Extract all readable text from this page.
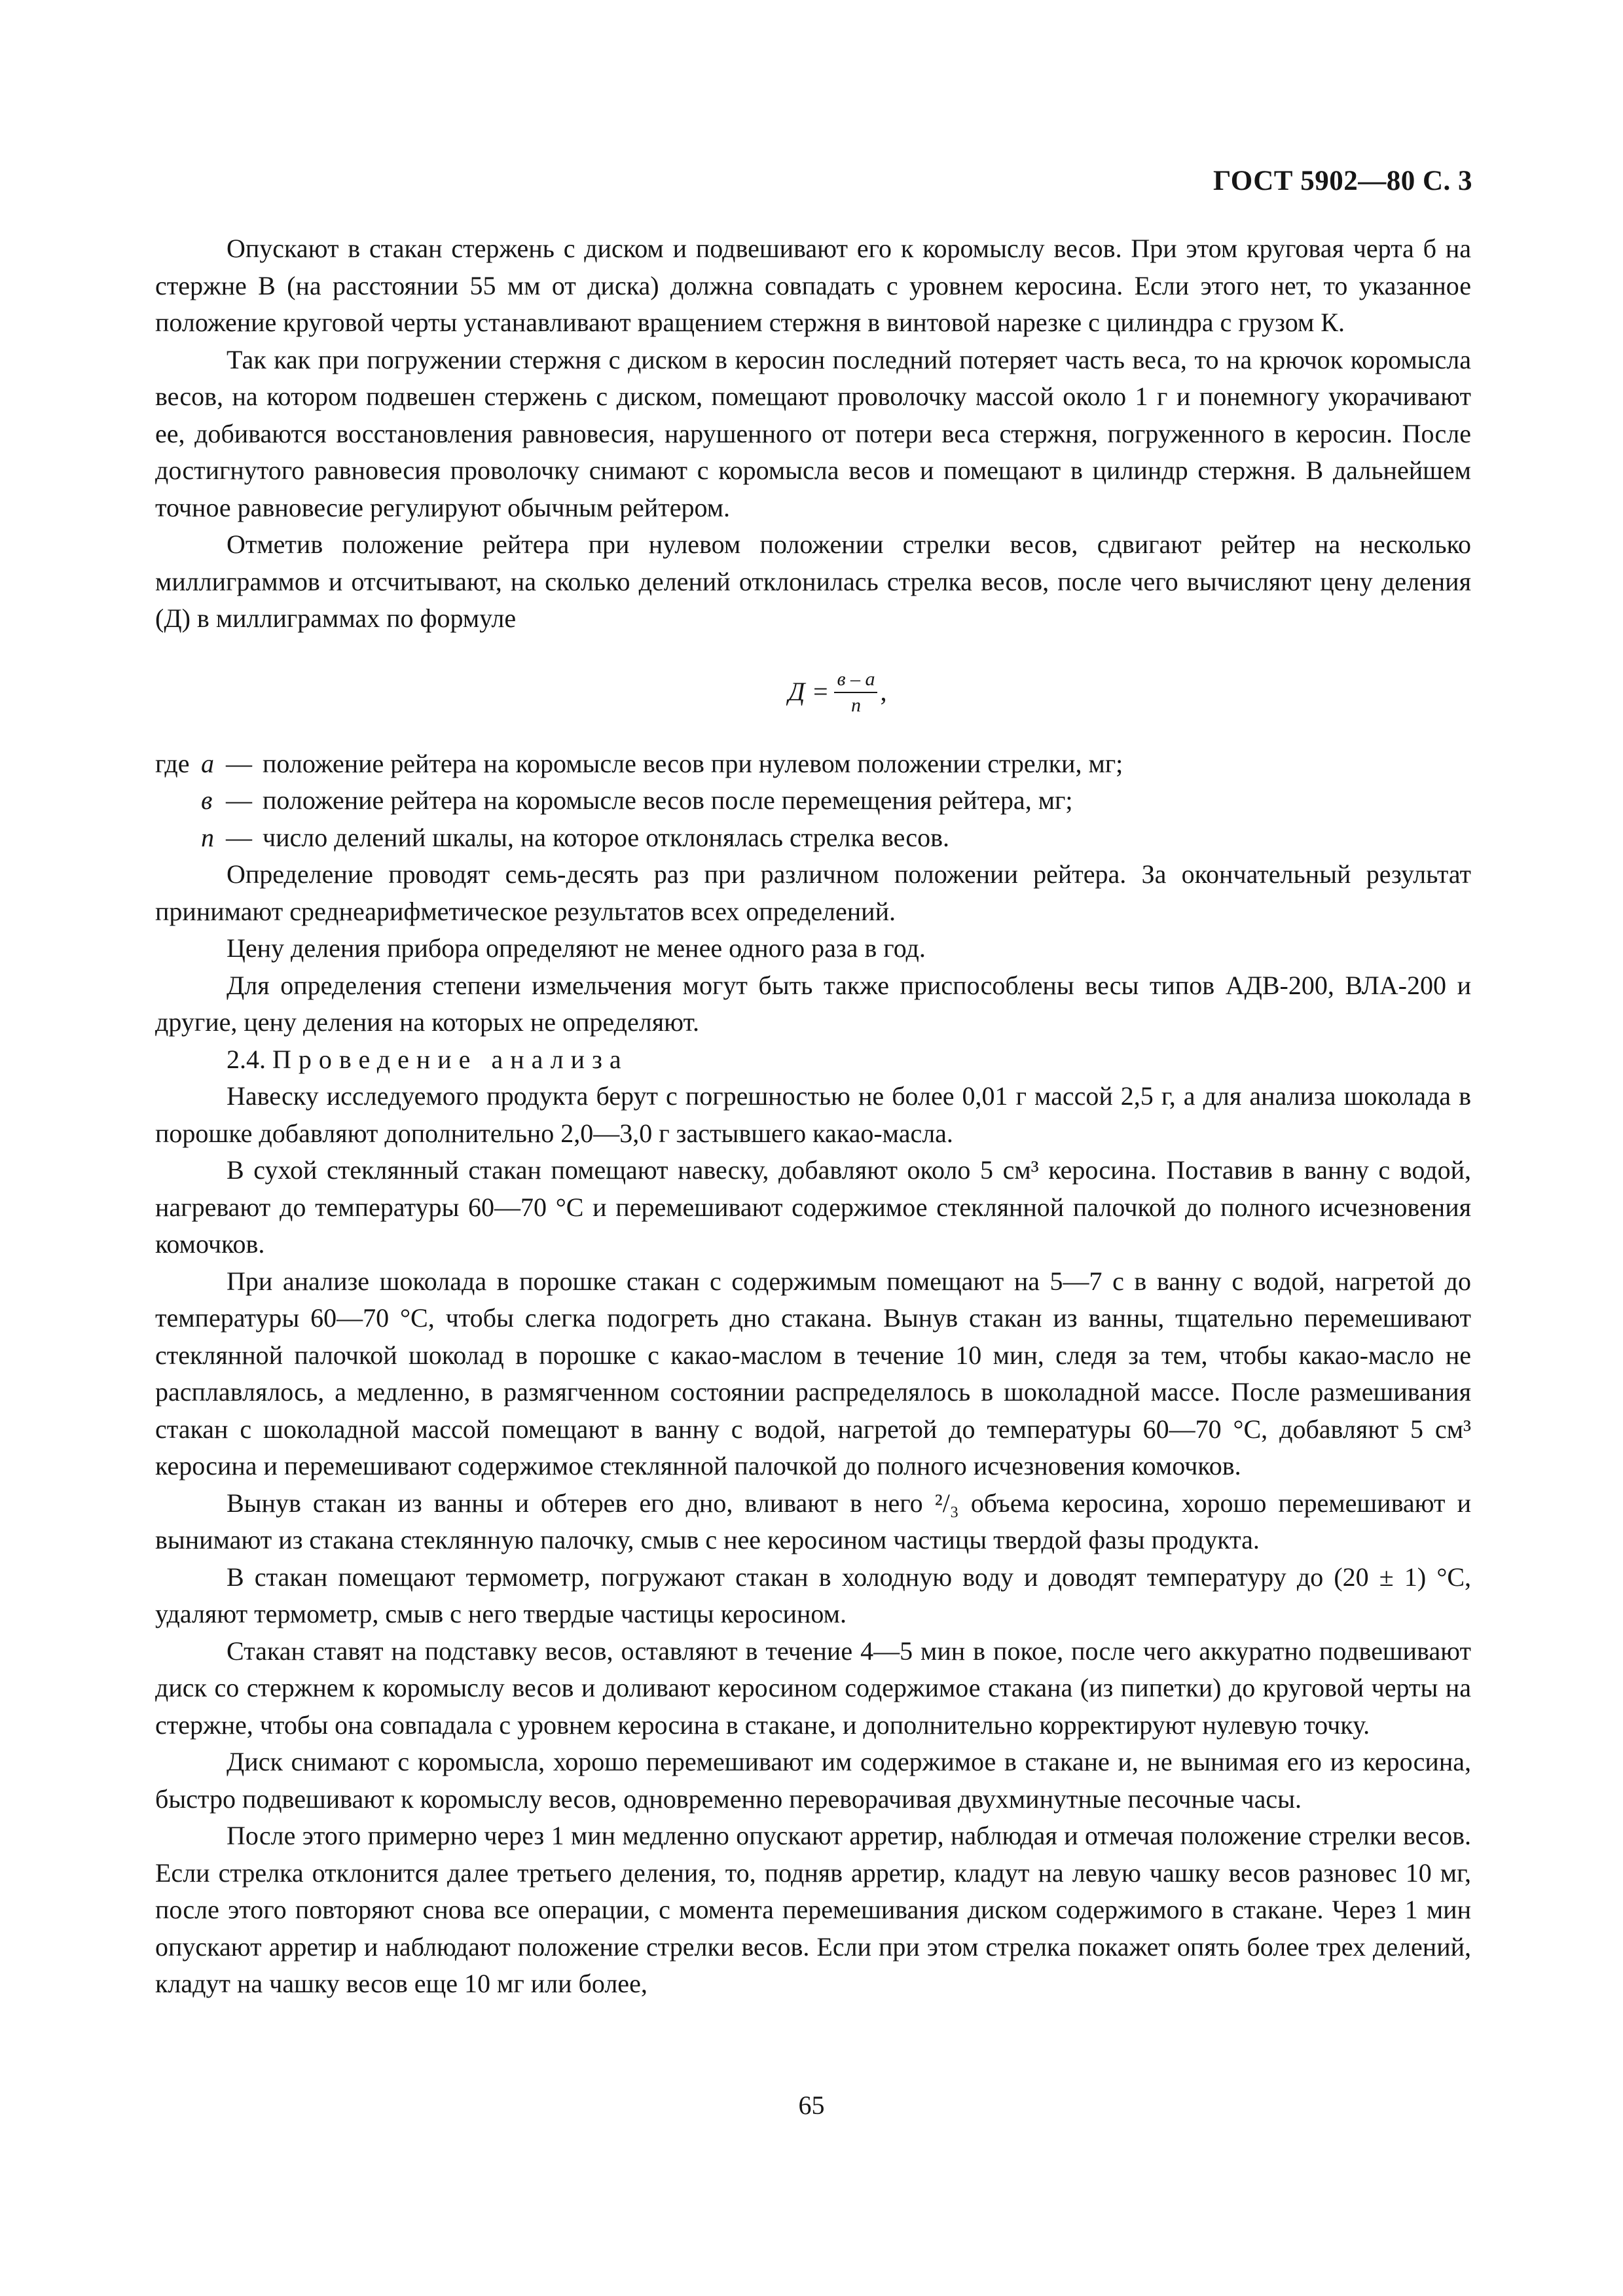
ГОСТ 5902—80 С. 3

Опускают в стакан стержень с диском и подвешивают его к коромыслу весов. При этом круговая черта б на стержне В (на расстоянии 55 мм от диска) должна совпадать с уровнем керосина. Если этого нет, то указанное положение круговой черты устанавливают вращением стержня в винтовой нарезке с цилиндра с грузом К.

Так как при погружении стержня с диском в керосин последний потеряет часть веса, то на крючок коромысла весов, на котором подвешен стержень с диском, помещают проволочку массой около 1 г и понемногу укорачивают ее, добиваются восстановления равновесия, нарушенного от потери веса стержня, погруженного в керосин. После достигнутого равновесия проволочку снимают с коромысла весов и помещают в цилиндр стержня. В дальнейшем точное равновесие регулируют обычным рейтером.

Отметив положение рейтера при нулевом положении стрелки весов, сдвигают рейтер на несколько миллиграммов и отсчитывают, на сколько делений отклонилась стрелка весов, после чего вычисляют цену деления (Д) в миллиграммах по формуле

$Д = \frac{в - а}{n}$ ,
где а — положение рейтера на коромысле весов при нулевом положении стрелки, мг;
в — положение рейтера на коромысле весов после перемещения рейтера, мг;
n — число делений шкалы, на которое отклонялась стрелка весов.

Определение проводят семь-десять раз при различном положении рейтера. За окончательный результат принимают среднеарифметическое результатов всех определений.

Цену деления прибора определяют не менее одного раза в год.

Для определения степени измельчения могут быть также приспособлены весы типов АДВ-200, ВЛА-200 и другие, цену деления на которых не определяют.

2.4. Проведение анализа

Навеску исследуемого продукта берут с погрешностью не более 0,01 г массой 2,5 г, а для анализа шоколада в порошке добавляют дополнительно 2,0—3,0 г застывшего какао-масла.

В сухой стеклянный стакан помещают навеску, добавляют около 5 см³ керосина. Поставив в ванну с водой, нагревают до температуры 60—70 °С и перемешивают содержимое стеклянной палочкой до полного исчезновения комочков.

При анализе шоколада в порошке стакан с содержимым помещают на 5—7 с в ванну с водой, нагретой до температуры 60—70 °С, чтобы слегка подогреть дно стакана. Вынув стакан из ванны, тщательно перемешивают стеклянной палочкой шоколад в порошке с какао-маслом в течение 10 мин, следя за тем, чтобы какао-масло не расплавлялось, а медленно, в размягченном состоянии распределялось в шоколадной массе. После размешивания стакан с шоколадной массой помещают в ванну с водой, нагретой до температуры 60—70 °С, добавляют 5 см³ керосина и перемешивают содержимое стеклянной палочкой до полного исчезновения комочков.

Вынув стакан из ванны и обтерев его дно, вливают в него ²/₃ объема керосина, хорошо перемешивают и вынимают из стакана стеклянную палочку, смыв с нее керосином частицы твердой фазы продукта.

В стакан помещают термометр, погружают стакан в холодную воду и доводят температуру до (20 ± 1) °С, удаляют термометр, смыв с него твердые частицы керосином.

Стакан ставят на подставку весов, оставляют в течение 4—5 мин в покое, после чего аккуратно подвешивают диск со стержнем к коромыслу весов и доливают керосином содержимое стакана (из пипетки) до круговой черты на стержне, чтобы она совпадала с уровнем керосина в стакане, и дополнительно корректируют нулевую точку.

Диск снимают с коромысла, хорошо перемешивают им содержимое в стакане и, не вынимая его из керосина, быстро подвешивают к коромыслу весов, одновременно переворачивая двухминутные песочные часы.

После этого примерно через 1 мин медленно опускают арретир, наблюдая и отмечая положение стрелки весов. Если стрелка отклонится далее третьего деления, то, подняв арретир, кладут на левую чашку весов разновес 10 мг, после этого повторяют снова все операции, с момента перемешивания диском содержимого в стакане. Через 1 мин опускают арретир и наблюдают положение стрелки весов. Если при этом стрелка покажет опять более трех делений, кладут на чашку весов еще 10 мг или более,

65
